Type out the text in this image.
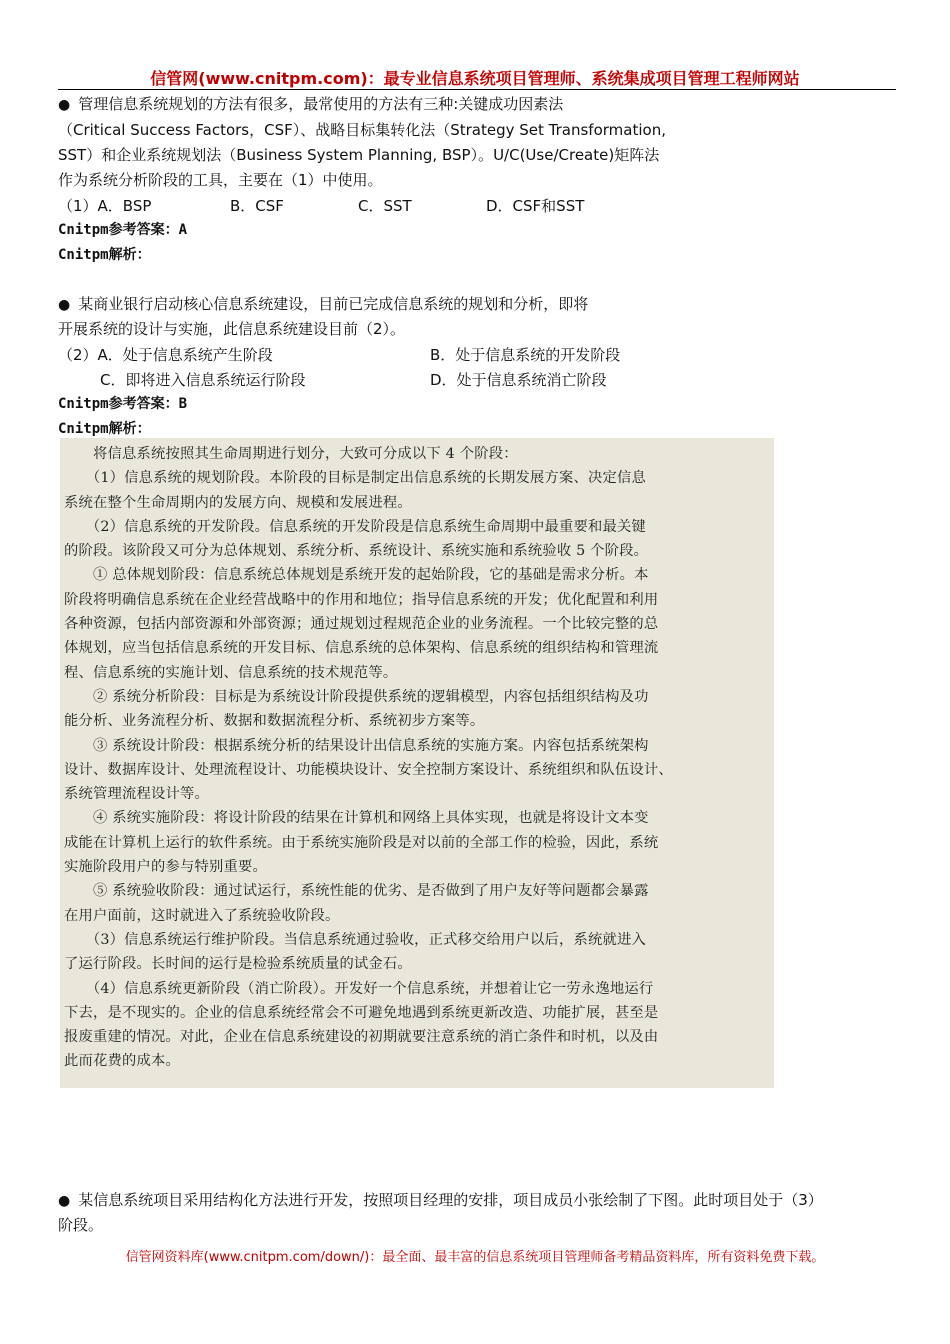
信管网(www.cnitpm.com)：最专业信息系统项目管理师、系统集成项目管理工程师网站
● 管理信息系统规划的方法有很多，最常使用的方法有三种:关键成功因素法
（Critical Success Factors，CSF）、战略目标集转化法（Strategy Set Transformation,
SST）和企业系统规划法（Business System Planning, BSP）。U/C(Use/Create)矩阵法
作为系统分析阶段的工具，主要在（1）中使用。
（1）A．BSP	B．CSF	C．SST	D．CSF和SST
Cnitpm参考答案：A
Cnitpm解析：
● 某商业银行启动核心信息系统建设，目前已完成信息系统的规划和分析，即将
开展系统的设计与实施，此信息系统建设目前（2）。
（2）A．处于信息系统产生阶段	B．处于信息系统的开发阶段
C．即将进入信息系统运行阶段	D．处于信息系统消亡阶段
Cnitpm参考答案：B
Cnitpm解析：

　　将信息系统按照其生命周期进行划分，大致可分成以下 4 个阶段：

　　（1）信息系统的规划阶段。本阶段的目标是制定出信息系统的长期发展方案、决定信息

系统在整个生命周期内的发展方向、规模和发展进程。

　　（2）信息系统的开发阶段。信息系统的开发阶段是信息系统生命周期中最重要和最关键

的阶段。该阶段又可分为总体规划、系统分析、系统设计、系统实施和系统验收 5 个阶段。

　　① 总体规划阶段：信息系统总体规划是系统开发的起始阶段，它的基础是需求分析。本

阶段将明确信息系统在企业经营战略中的作用和地位；指导信息系统的开发；优化配置和利用

各种资源，包括内部资源和外部资源；通过规划过程规范企业的业务流程。一个比较完整的总

体规划，应当包括信息系统的开发目标、信息系统的总体架构、信息系统的组织结构和管理流

程、信息系统的实施计划、信息系统的技术规范等。

　　② 系统分析阶段：目标是为系统设计阶段提供系统的逻辑模型，内容包括组织结构及功

能分析、业务流程分析、数据和数据流程分析、系统初步方案等。

　　③ 系统设计阶段：根据系统分析的结果设计出信息系统的实施方案。内容包括系统架构

设计、数据库设计、处理流程设计、功能模块设计、安全控制方案设计、系统组织和队伍设计、

系统管理流程设计等。

　　④ 系统实施阶段：将设计阶段的结果在计算机和网络上具体实现，也就是将设计文本变

成能在计算机上运行的软件系统。由于系统实施阶段是对以前的全部工作的检验，因此，系统

实施阶段用户的参与特别重要。

　　⑤ 系统验收阶段：通过试运行，系统性能的优劣、是否做到了用户友好等问题都会暴露

在用户面前，这时就进入了系统验收阶段。

　　（3）信息系统运行维护阶段。当信息系统通过验收，正式移交给用户以后，系统就进入

了运行阶段。长时间的运行是检验系统质量的试金石。

　　（4）信息系统更新阶段（消亡阶段）。开发好一个信息系统，并想着让它一劳永逸地运行

下去，是不现实的。企业的信息系统经常会不可避免地遇到系统更新改造、功能扩展，甚至是

报废重建的情况。对此，企业在信息系统建设的初期就要注意系统的消亡条件和时机，以及由

此而花费的成本。

● 某信息系统项目采用结构化方法进行开发，按照项目经理的安排，项目成员小张绘制了下图。此时项目处于（3）
阶段。
信管网资料库(www.cnitpm.com/down/)：最全面、最丰富的信息系统项目管理师备考精品资料库，所有资料免费下载。
